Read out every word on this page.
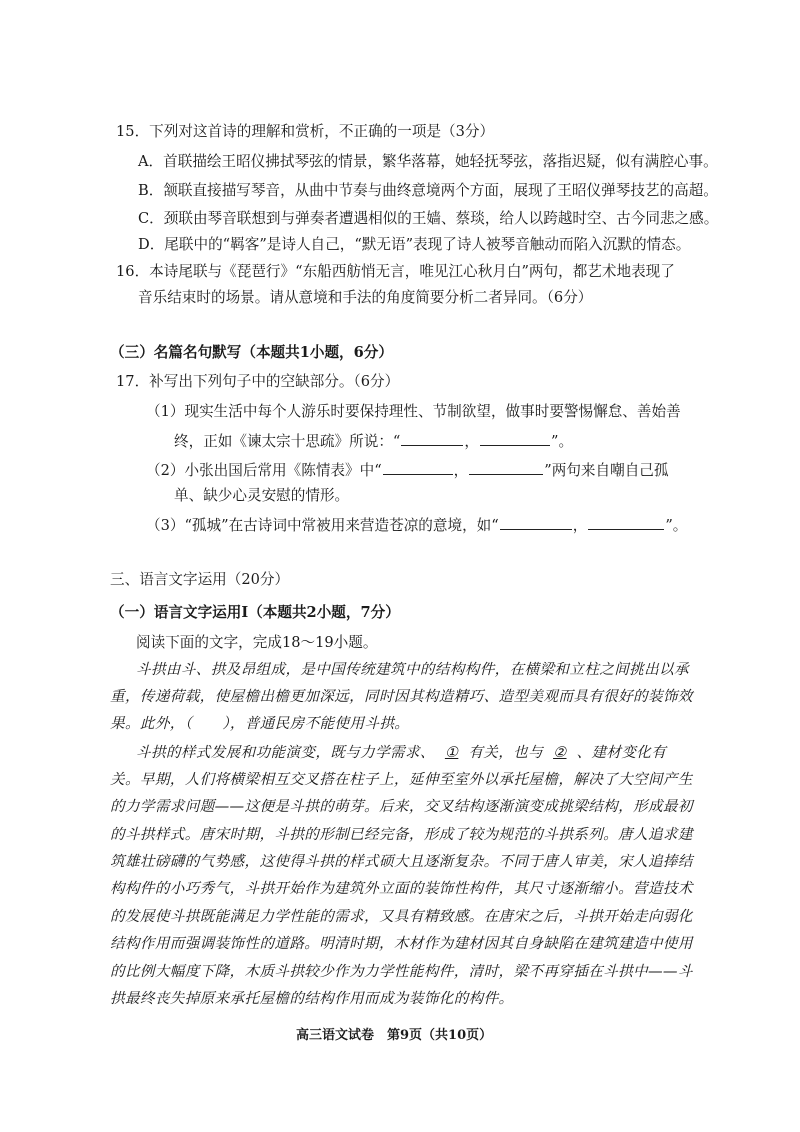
15．下列对这首诗的理解和赏析，不正确的一项是（3分）
A．首联描绘王昭仪拂拭琴弦的情景，繁华落幕，她轻抚琴弦，落指迟疑，似有满腔心事。
B．颔联直接描写琴音，从曲中节奏与曲终意境两个方面，展现了王昭仪弹琴技艺的高超。
C．颈联由琴音联想到与弹奏者遭遇相似的王嫱、蔡琰，给人以跨越时空、古今同悲之感。
D．尾联中的“羁客”是诗人自己，“默无语”表现了诗人被琴音触动而陷入沉默的情态。
16．本诗尾联与《琵琶行》“东船西舫悄无言，唯见江心秋月白”两句，都艺术地表现了
音乐结束时的场景。请从意境和手法的角度简要分析二者异同。（6分）
（三）名篇名句默写（本题共1小题，6分）
17．补写出下列句子中的空缺部分。（6分）
（1）现实生活中每个人游乐时要保持理性、节制欲望，做事时要警惕懈怠、善始善
终，正如《谏太宗十思疏》所说：“	，	”。
（2）小张出国后常用《陈情表》中“	，	”两句来自嘲自己孤
单、缺少心灵安慰的情形。
（3）“孤城”在古诗词中常被用来营造苍凉的意境，如“	，	”。
三、语言文字运用（20分）
（一）语言文字运用Ⅰ（本题共2小题，7分）
阅读下面的文字，完成18～19小题。
斗拱由斗、拱及昂组成，是中国传统建筑中的结构构件，在横梁和立柱之间挑出以承
重，传递荷载，使屋檐出檐更加深远，同时因其构造精巧、造型美观而具有很好的装饰效
果。此外，（　　），普通民房不能使用斗拱。
斗拱的样式发展和功能演变，既与力学需求、 ① 有关，也与 ② 、建材变化有
关。早期，人们将横梁相互交叉搭在柱子上，延伸至室外以承托屋檐，解决了大空间产生
的力学需求问题——这便是斗拱的萌芽。后来，交叉结构逐渐演变成挑梁结构，形成最初
的斗拱样式。唐宋时期，斗拱的形制已经完备，形成了较为规范的斗拱系列。唐人追求建
筑雄壮磅礴的气势感，这使得斗拱的样式硕大且逐渐复杂。不同于唐人审美，宋人追捧结
构构件的小巧秀气，斗拱开始作为建筑外立面的装饰性构件，其尺寸逐渐缩小。营造技术
的发展使斗拱既能满足力学性能的需求，又具有精致感。在唐宋之后，斗拱开始走向弱化
结构作用而强调装饰性的道路。明清时期，木材作为建材因其自身缺陷在建筑建造中使用
的比例大幅度下降，木质斗拱较少作为力学性能构件，清时，梁不再穿插在斗拱中——斗
拱最终丧失掉原来承托屋檐的结构作用而成为装饰化的构件。
高三语文试卷　第9页（共10页）
